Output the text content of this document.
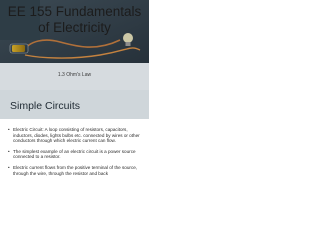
EE 155 Fundamentals
of Electricity
1.3 Ohm's Law
Simple Circuits
• Electric Circuit: A loop consisting of resistors, capacitors, inductors, diodes, lights bulbs etc. connected by wires or other conductors through which electric current can flow.
• The simplest example of an electric circuit is a power source connected to a resistor.
• Electric current flows from the positive terminal of the source, through the wire, through the resistor and back
